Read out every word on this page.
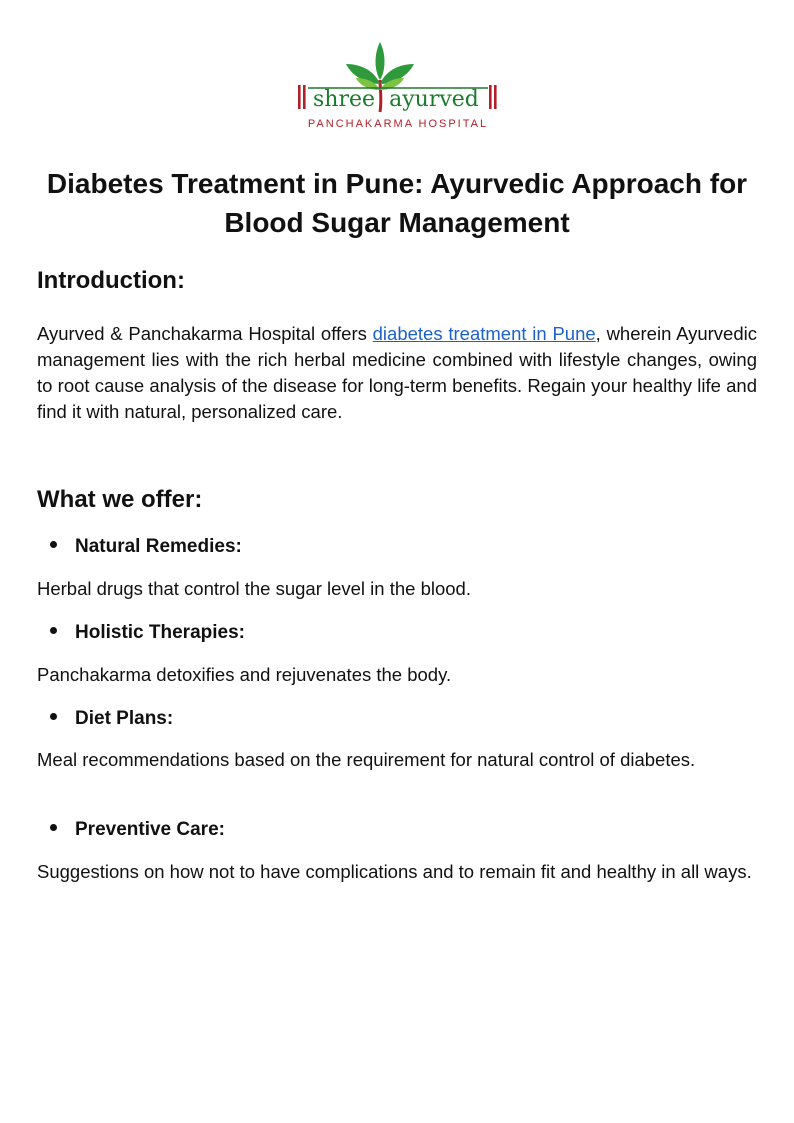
shree ayurved
PANCHAKARMA HOSPITAL
Diabetes Treatment in Pune: Ayurvedic Approach for Blood Sugar Management
Introduction:

Ayurved & Panchakarma Hospital offers diabetes treatment in Pune, wherein Ayurvedic management lies with the rich herbal medicine combined with lifestyle changes, owing to root cause analysis of the disease for long-term benefits. Regain your healthy life and find it with natural, personalized care.

What we offer:

Natural Remedies:

Herbal drugs that control the sugar level in the blood.

Holistic Therapies:

Panchakarma detoxifies and rejuvenates the body.

Diet Plans:

Meal recommendations based on the requirement for natural control of diabetes.

Preventive Care:

Suggestions on how not to have complications and to remain fit and healthy in all ways.
